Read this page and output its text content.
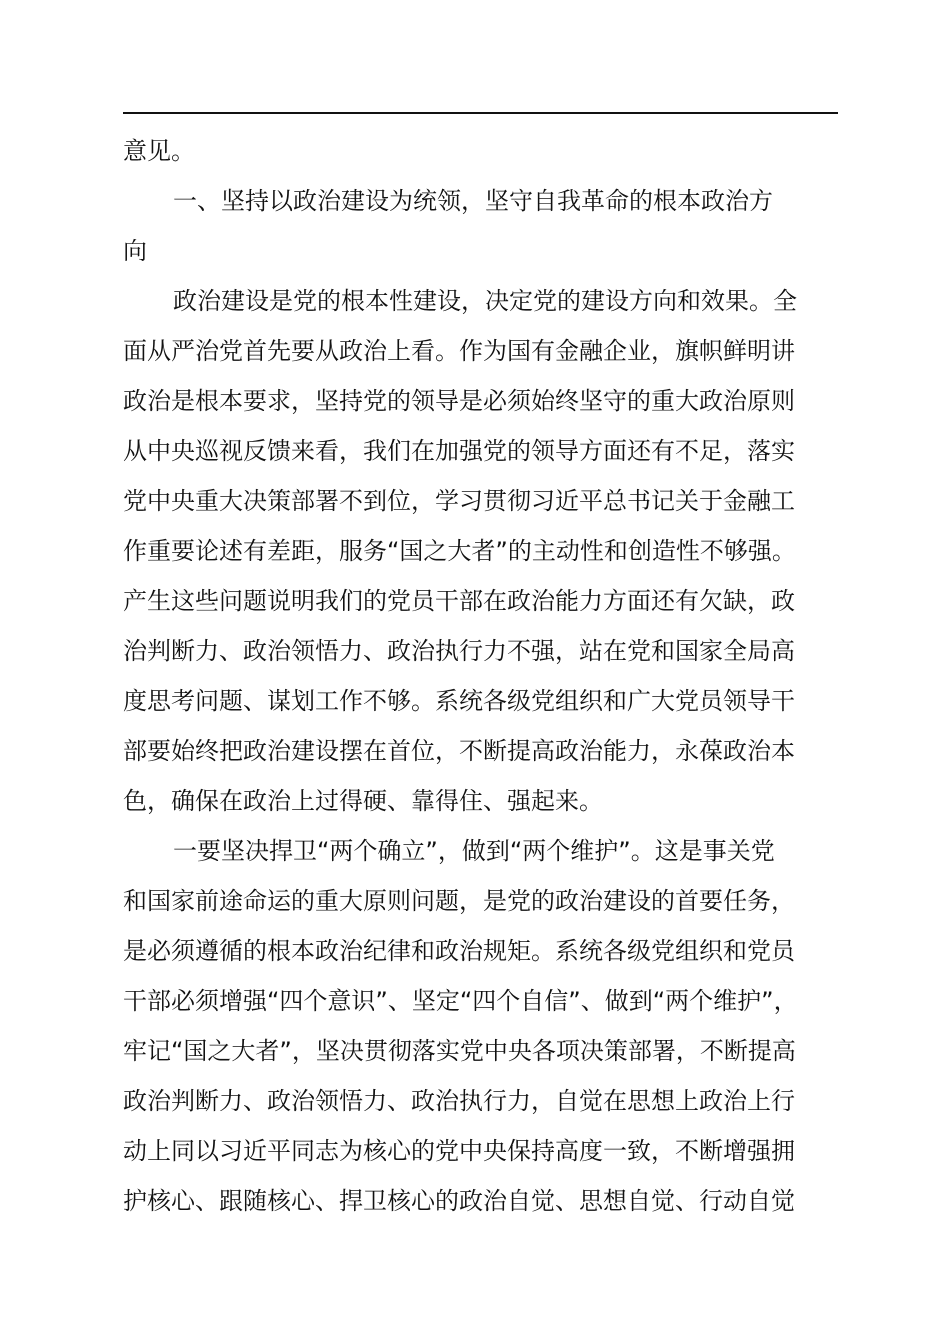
意见。
一、坚持以政治建设为统领，坚守自我革命的根本政治方
向
政治建设是党的根本性建设，决定党的建设方向和效果。全
面从严治党首先要从政治上看。作为国有金融企业，旗帜鲜明讲
政治是根本要求，坚持党的领导是必须始终坚守的重大政治原则
从中央巡视反馈来看，我们在加强党的领导方面还有不足，落实
党中央重大决策部署不到位，学习贯彻习近平总书记关于金融工
作重要论述有差距，服务“国之大者”的主动性和创造性不够强。
产生这些问题说明我们的党员干部在政治能力方面还有欠缺，政
治判断力、政治领悟力、政治执行力不强，站在党和国家全局高
度思考问题、谋划工作不够。系统各级党组织和广大党员领导干
部要始终把政治建设摆在首位，不断提高政治能力，永葆政治本
色，确保在政治上过得硬、靠得住、强起来。
一要坚决捍卫“两个确立”，做到“两个维护”。这是事关党
和国家前途命运的重大原则问题，是党的政治建设的首要任务，
是必须遵循的根本政治纪律和政治规矩。系统各级党组织和党员
干部必须增强“四个意识”、坚定“四个自信”、做到“两个维护”，
牢记“国之大者”，坚决贯彻落实党中央各项决策部署，不断提高
政治判断力、政治领悟力、政治执行力，自觉在思想上政治上行
动上同以习近平同志为核心的党中央保持高度一致，不断增强拥
护核心、跟随核心、捍卫核心的政治自觉、思想自觉、行动自觉
